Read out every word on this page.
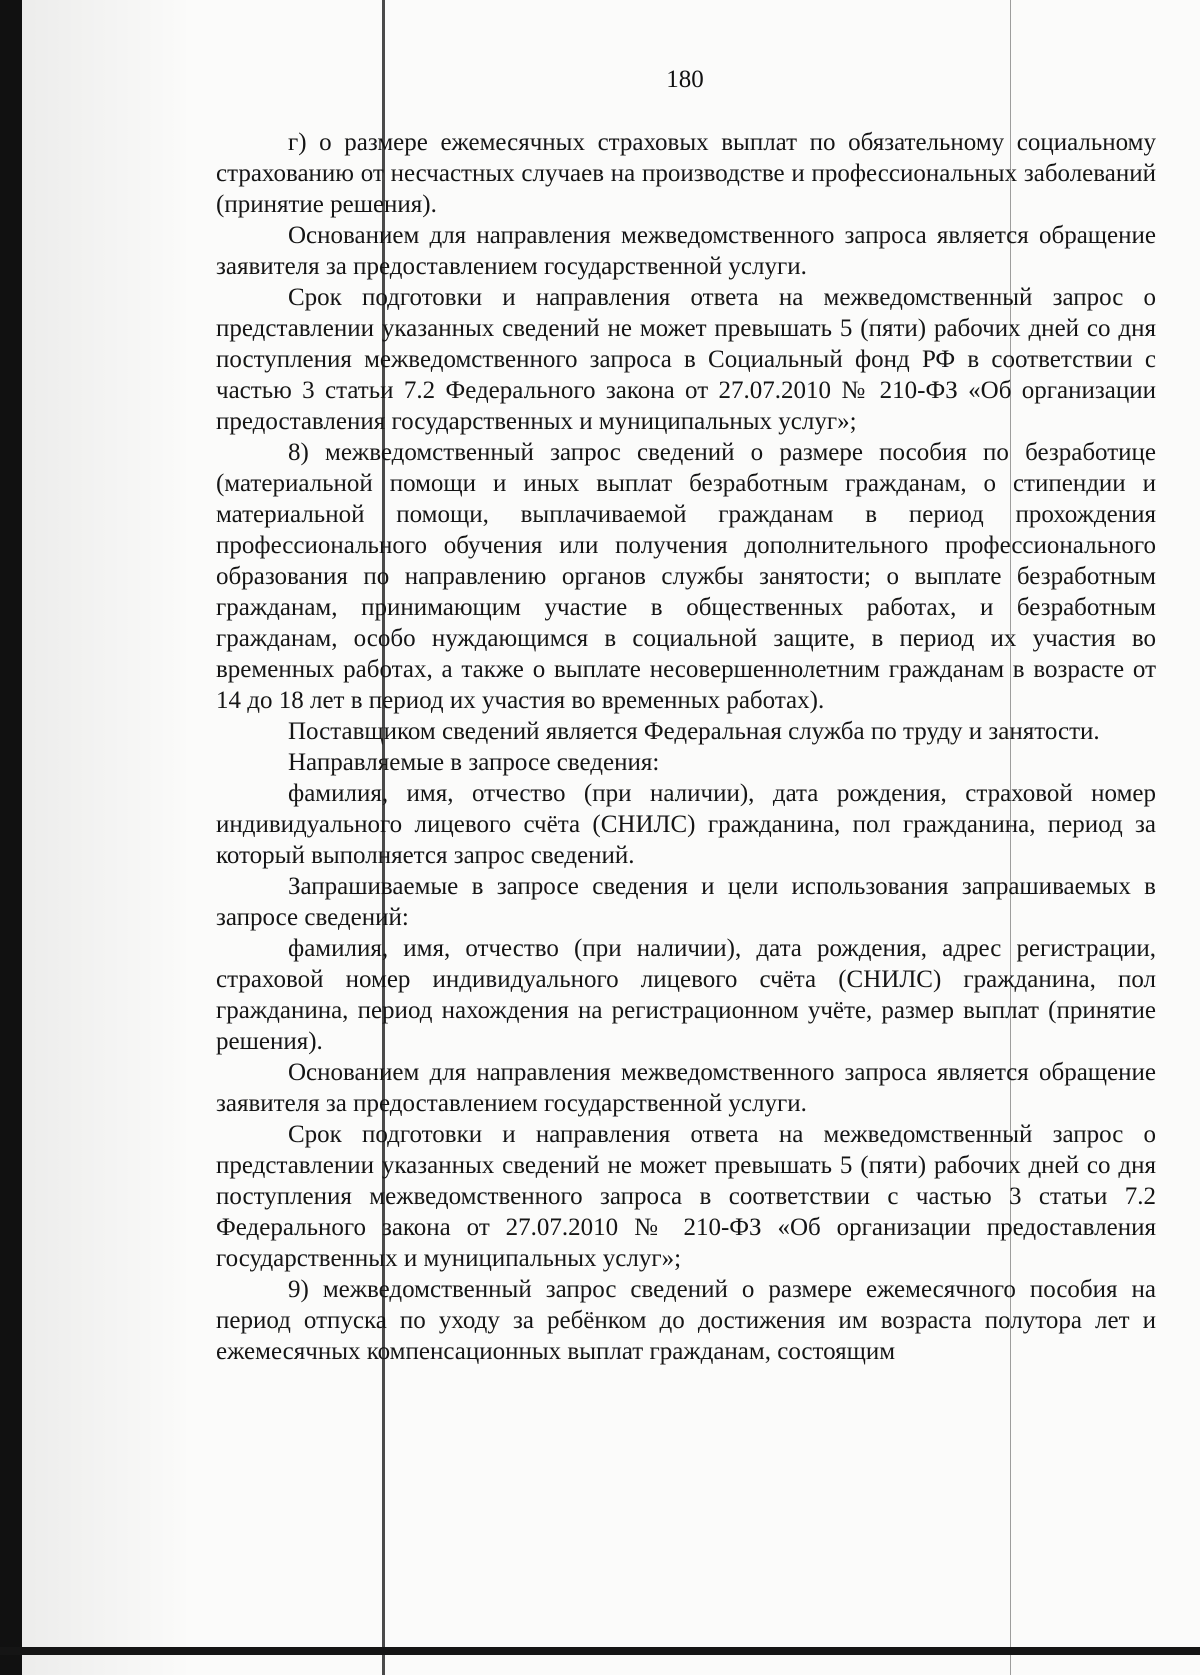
180

г) о размере ежемесячных страховых выплат по обязательному социальному страхованию от несчастных случаев на производстве и профессиональных заболеваний (принятие решения).

Основанием для направления межведомственного запроса является обращение заявителя за предоставлением государственной услуги.

Срок подготовки и направления ответа на межведомственный запрос о представлении указанных сведений не может превышать 5 (пяти) рабочих дней со дня поступления межведомственного запроса в Социальный фонд РФ в соответствии с частью 3 статьи 7.2 Федерального закона от 27.07.2010 № 210-ФЗ «Об организации предоставления государственных и муниципальных услуг»;

8) межведомственный запрос сведений о размере пособия по безработице (материальной помощи и иных выплат безработным гражданам, о стипендии и материальной помощи, выплачиваемой гражданам в период прохождения профессионального обучения или получения дополнительного профессионального образования по направлению органов службы занятости; о выплате безработным гражданам, принимающим участие в общественных работах, и безработным гражданам, особо нуждающимся в социальной защите, в период их участия во временных работах, а также о выплате несовершеннолетним гражданам в возрасте от 14 до 18 лет в период их участия во временных работах).

Поставщиком сведений является Федеральная служба по труду и занятости.

Направляемые в запросе сведения:

фамилия, имя, отчество (при наличии), дата рождения, страховой номер индивидуального лицевого счёта (СНИЛС) гражданина, пол гражданина, период за который выполняется запрос сведений.

Запрашиваемые в запросе сведения и цели использования запрашиваемых в запросе сведений:

фамилия, имя, отчество (при наличии), дата рождения, адрес регистрации, страховой номер индивидуального лицевого счёта (СНИЛС) гражданина, пол гражданина, период нахождения на регистрационном учёте, размер выплат (принятие решения).

Основанием для направления межведомственного запроса является обращение заявителя за предоставлением государственной услуги.

Срок подготовки и направления ответа на межведомственный запрос о представлении указанных сведений не может превышать 5 (пяти) рабочих дней со дня поступления межведомственного запроса в соответствии с частью 3 статьи 7.2 Федерального закона от 27.07.2010 № 210-ФЗ «Об организации предоставления государственных и муниципальных услуг»;

9) межведомственный запрос сведений о размере ежемесячного пособия на период отпуска по уходу за ребёнком до достижения им возраста полутора лет и ежемесячных компенсационных выплат гражданам, состоящим
